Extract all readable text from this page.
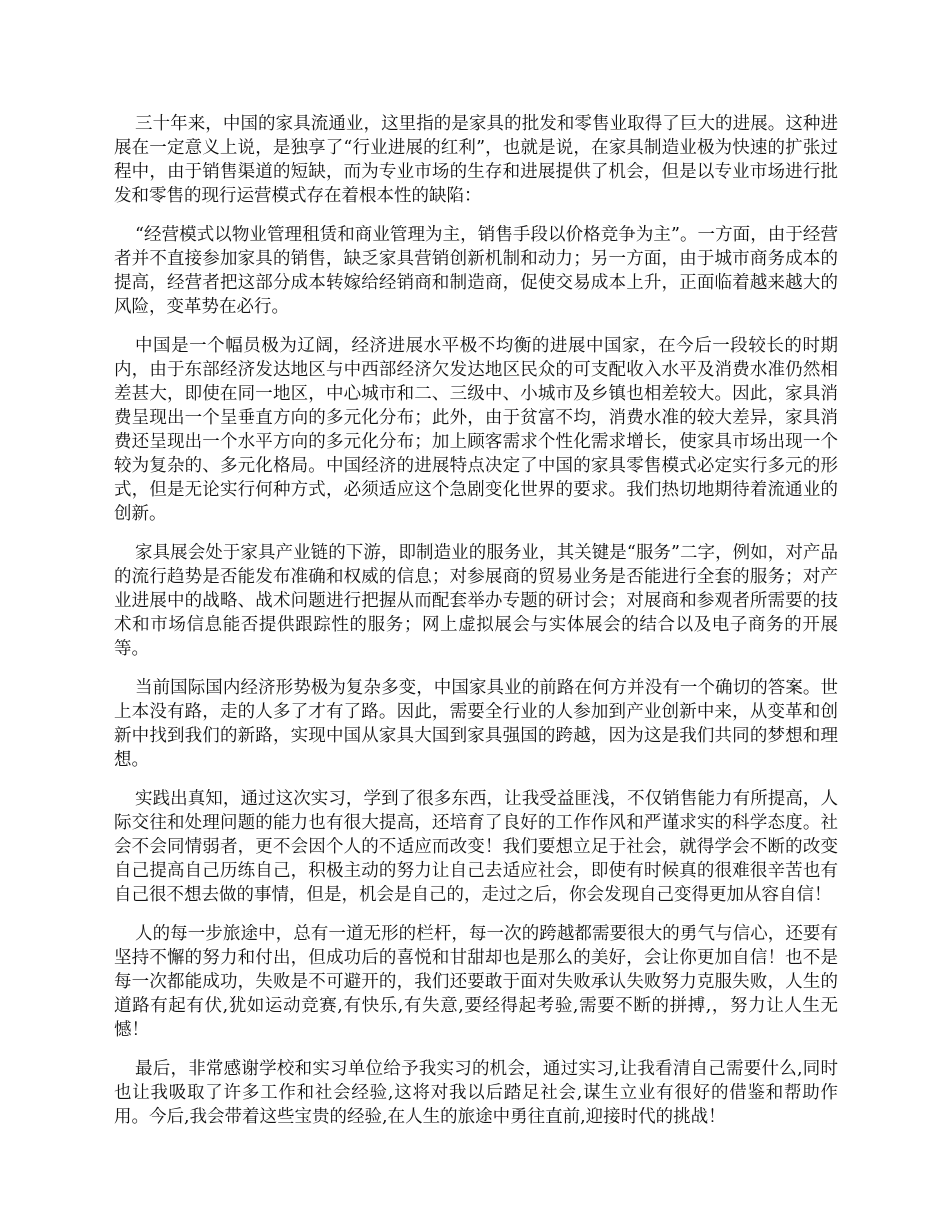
三十年来，中国的家具流通业，这里指的是家具的批发和零售业取得了巨大的进展。这种进展在一定意义上说，是独享了“行业进展的红利”，也就是说，在家具制造业极为快速的扩张过程中，由于销售渠道的短缺，而为专业市场的生存和进展提供了机会，但是以专业市场进行批发和零售的现行运营模式存在着根本性的缺陷：

“经营模式以物业管理租赁和商业管理为主，销售手段以价格竞争为主”。一方面，由于经营者并不直接参加家具的销售，缺乏家具营销创新机制和动力；另一方面，由于城市商务成本的提高，经营者把这部分成本转嫁给经销商和制造商，促使交易成本上升，正面临着越来越大的风险，变革势在必行。

中国是一个幅员极为辽阔，经济进展水平极不均衡的进展中国家，在今后一段较长的时期内，由于东部经济发达地区与中西部经济欠发达地区民众的可支配收入水平及消费水准仍然相差甚大，即使在同一地区，中心城市和二、三级中、小城市及乡镇也相差较大。因此，家具消费呈现出一个呈垂直方向的多元化分布；此外，由于贫富不均，消费水准的较大差异，家具消费还呈现出一个水平方向的多元化分布；加上顾客需求个性化需求增长，使家具市场出现一个较为复杂的、多元化格局。中国经济的进展特点决定了中国的家具零售模式必定实行多元的形式，但是无论实行何种方式，必须适应这个急剧变化世界的要求。我们热切地期待着流通业的创新。

家具展会处于家具产业链的下游，即制造业的服务业，其关键是“服务”二字，例如，对产品的流行趋势是否能发布准确和权威的信息；对参展商的贸易业务是否能进行全套的服务；对产业进展中的战略、战术问题进行把握从而配套举办专题的研讨会；对展商和参观者所需要的技术和市场信息能否提供跟踪性的服务；网上虚拟展会与实体展会的结合以及电子商务的开展等。

当前国际国内经济形势极为复杂多变，中国家具业的前路在何方并没有一个确切的答案。世上本没有路，走的人多了才有了路。因此，需要全行业的人参加到产业创新中来，从变革和创新中找到我们的新路，实现中国从家具大国到家具强国的跨越，因为这是我们共同的梦想和理想。

实践出真知，通过这次实习，学到了很多东西，让我受益匪浅，不仅销售能力有所提高，人际交往和处理问题的能力也有很大提高，还培育了良好的工作作风和严谨求实的科学态度。社会不会同情弱者，更不会因个人的不适应而改变！我们要想立足于社会，就得学会不断的改变自己提高自己历练自己，积极主动的努力让自己去适应社会，即使有时候真的很难很辛苦也有自己很不想去做的事情，但是，机会是自己的，走过之后，你会发现自己变得更加从容自信！

人的每一步旅途中，总有一道无形的栏杆，每一次的跨越都需要很大的勇气与信心，还要有坚持不懈的努力和付出，但成功后的喜悦和甘甜却也是那么的美好，会让你更加自信！也不是每一次都能成功，失败是不可避开的，我们还要敢于面对失败承认失败努力克服失败，人生的道路有起有伏,犹如运动竞赛,有快乐,有失意,要经得起考验,需要不断的拼搏,，努力让人生无憾！

最后，非常感谢学校和实习单位给予我实习的机会，通过实习,让我看清自己需要什么,同时也让我吸取了许多工作和社会经验,这将对我以后踏足社会,谋生立业有很好的借鉴和帮助作用。今后,我会带着这些宝贵的经验,在人生的旅途中勇往直前,迎接时代的挑战！
